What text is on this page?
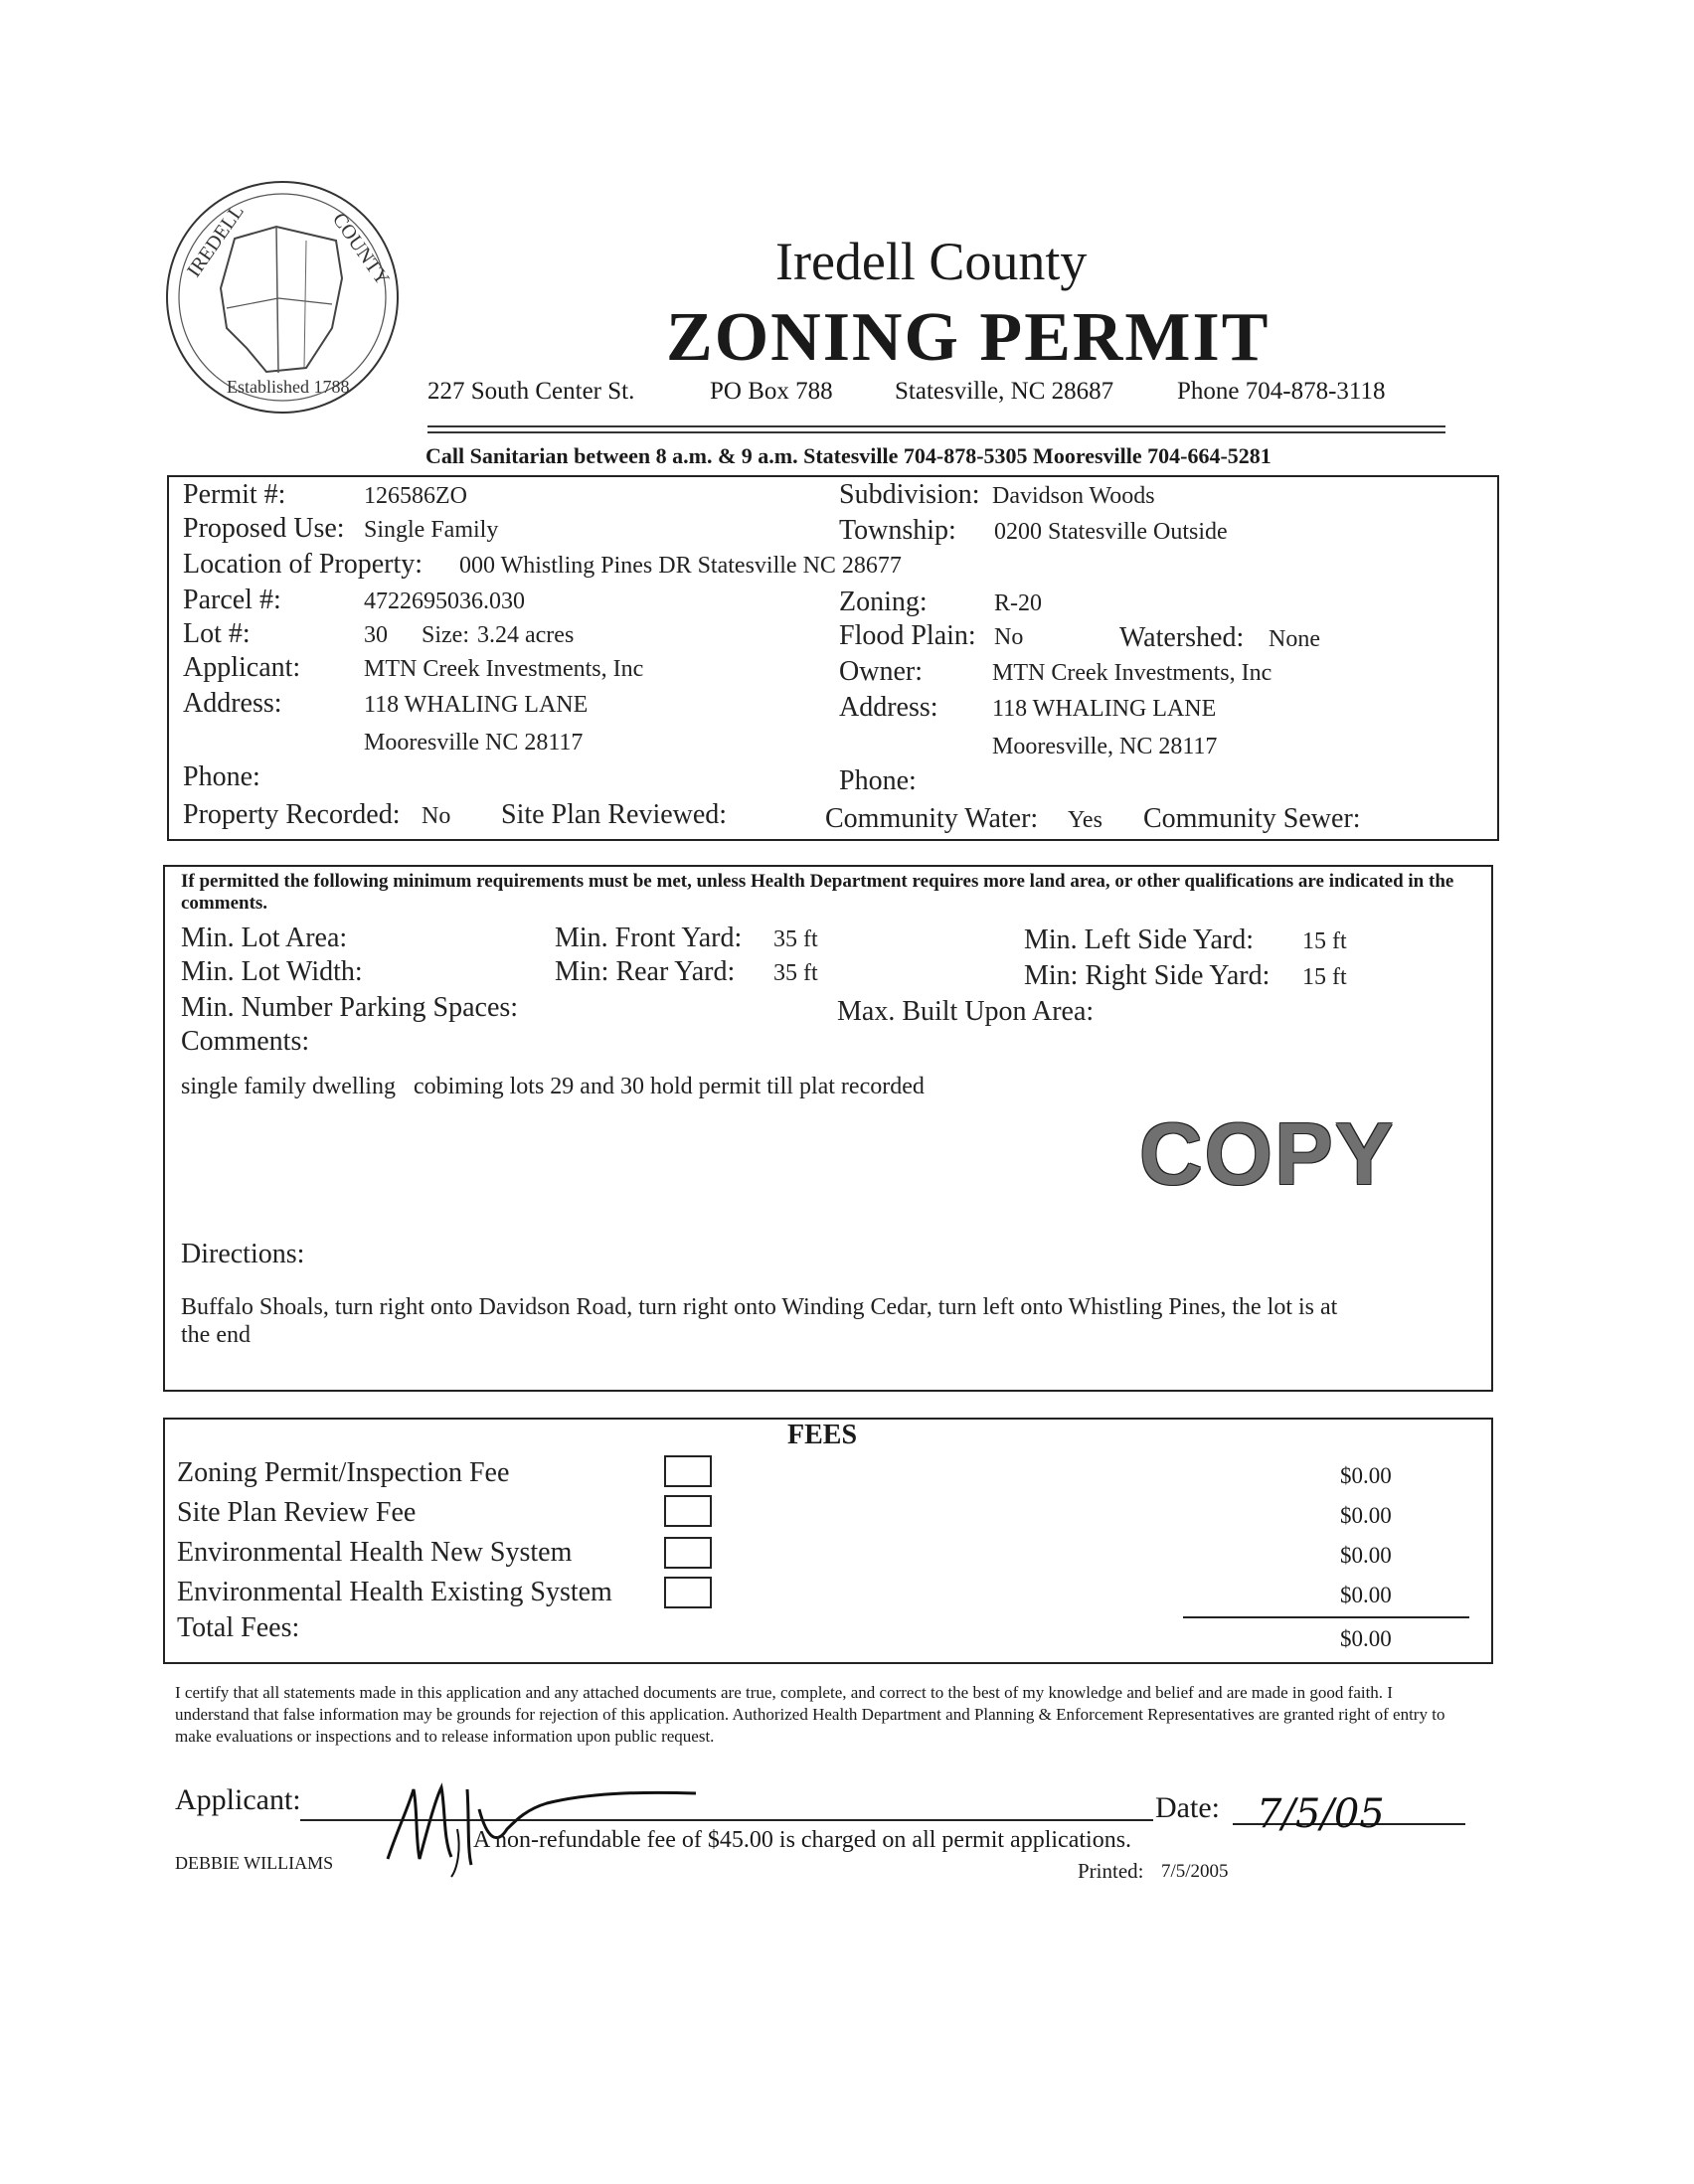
IREDELL	COUNTY
Established 1788
Iredell County
ZONING PERMIT
227 South Center St.	PO Box 788 Statesville, NC 28687	Phone 704-878-3118
Call Sanitarian between 8 a.m. & 9 a.m. Statesville 704-878-5305 Mooresville 704-664-5281
Permit #:	126586ZO	Subdivision: Davidson Woods
Proposed Use: Single Family	Township: 0200 Statesville Outside
Location of Property: 000 Whistling Pines DR Statesville NC 28677
Parcel #:	4722695036.030	Zoning:	R-20
Lot #:	30 Size: 3.24 acres	Flood Plain: No	Watershed: None
Applicant:	MTN Creek Investments, Inc	Owner:	MTN Creek Investments, Inc
Address:	118 WHALING LANE	Address: 118 WHALING LANE
Mooresville NC 28117	Mooresville, NC 28117
Phone:	Phone:
Property Recorded: No Site Plan Reviewed:	Community Water: Yes Community Sewer:
If permitted the following minimum requirements must be met, unless Health Department requires more land area, or other qualifications are indicated in the comments.
Min. Lot Area:	Min. Front Yard: 35 ft	Min. Left Side Yard: 15 ft
Min. Lot Width:	Min: Rear Yard: 35 ft	Min: Right Side Yard: 15 ft
Min. Number Parking Spaces:	Max. Built Upon Area:
Comments:
single family dwelling   cobiming lots 29 and 30 hold permit till plat recorded
COPY
Directions:
Buffalo Shoals, turn right onto Davidson Road, turn right onto Winding Cedar, turn left onto Whistling Pines, the lot is at
the end
FEES
Zoning Permit/Inspection Fee	$0.00
Site Plan Review Fee	$0.00
Environmental Health New System	$0.00
Environmental Health Existing System	$0.00
Total Fees:	$0.00
I certify that all statements made in this application and any attached documents are true, complete, and correct to the best of my knowledge and belief and are made in good faith. I understand that false information may be grounds for rejection of this application. Authorized Health Department and Planning & Enforcement Representatives are granted right of entry to make evaluations or inspections and to release information upon public request.
Applicant:	Date: 7/5/05
A non-refundable fee of $45.00 is charged on all permit applications.
DEBBIE WILLIAMS	Printed: 7/5/2005
